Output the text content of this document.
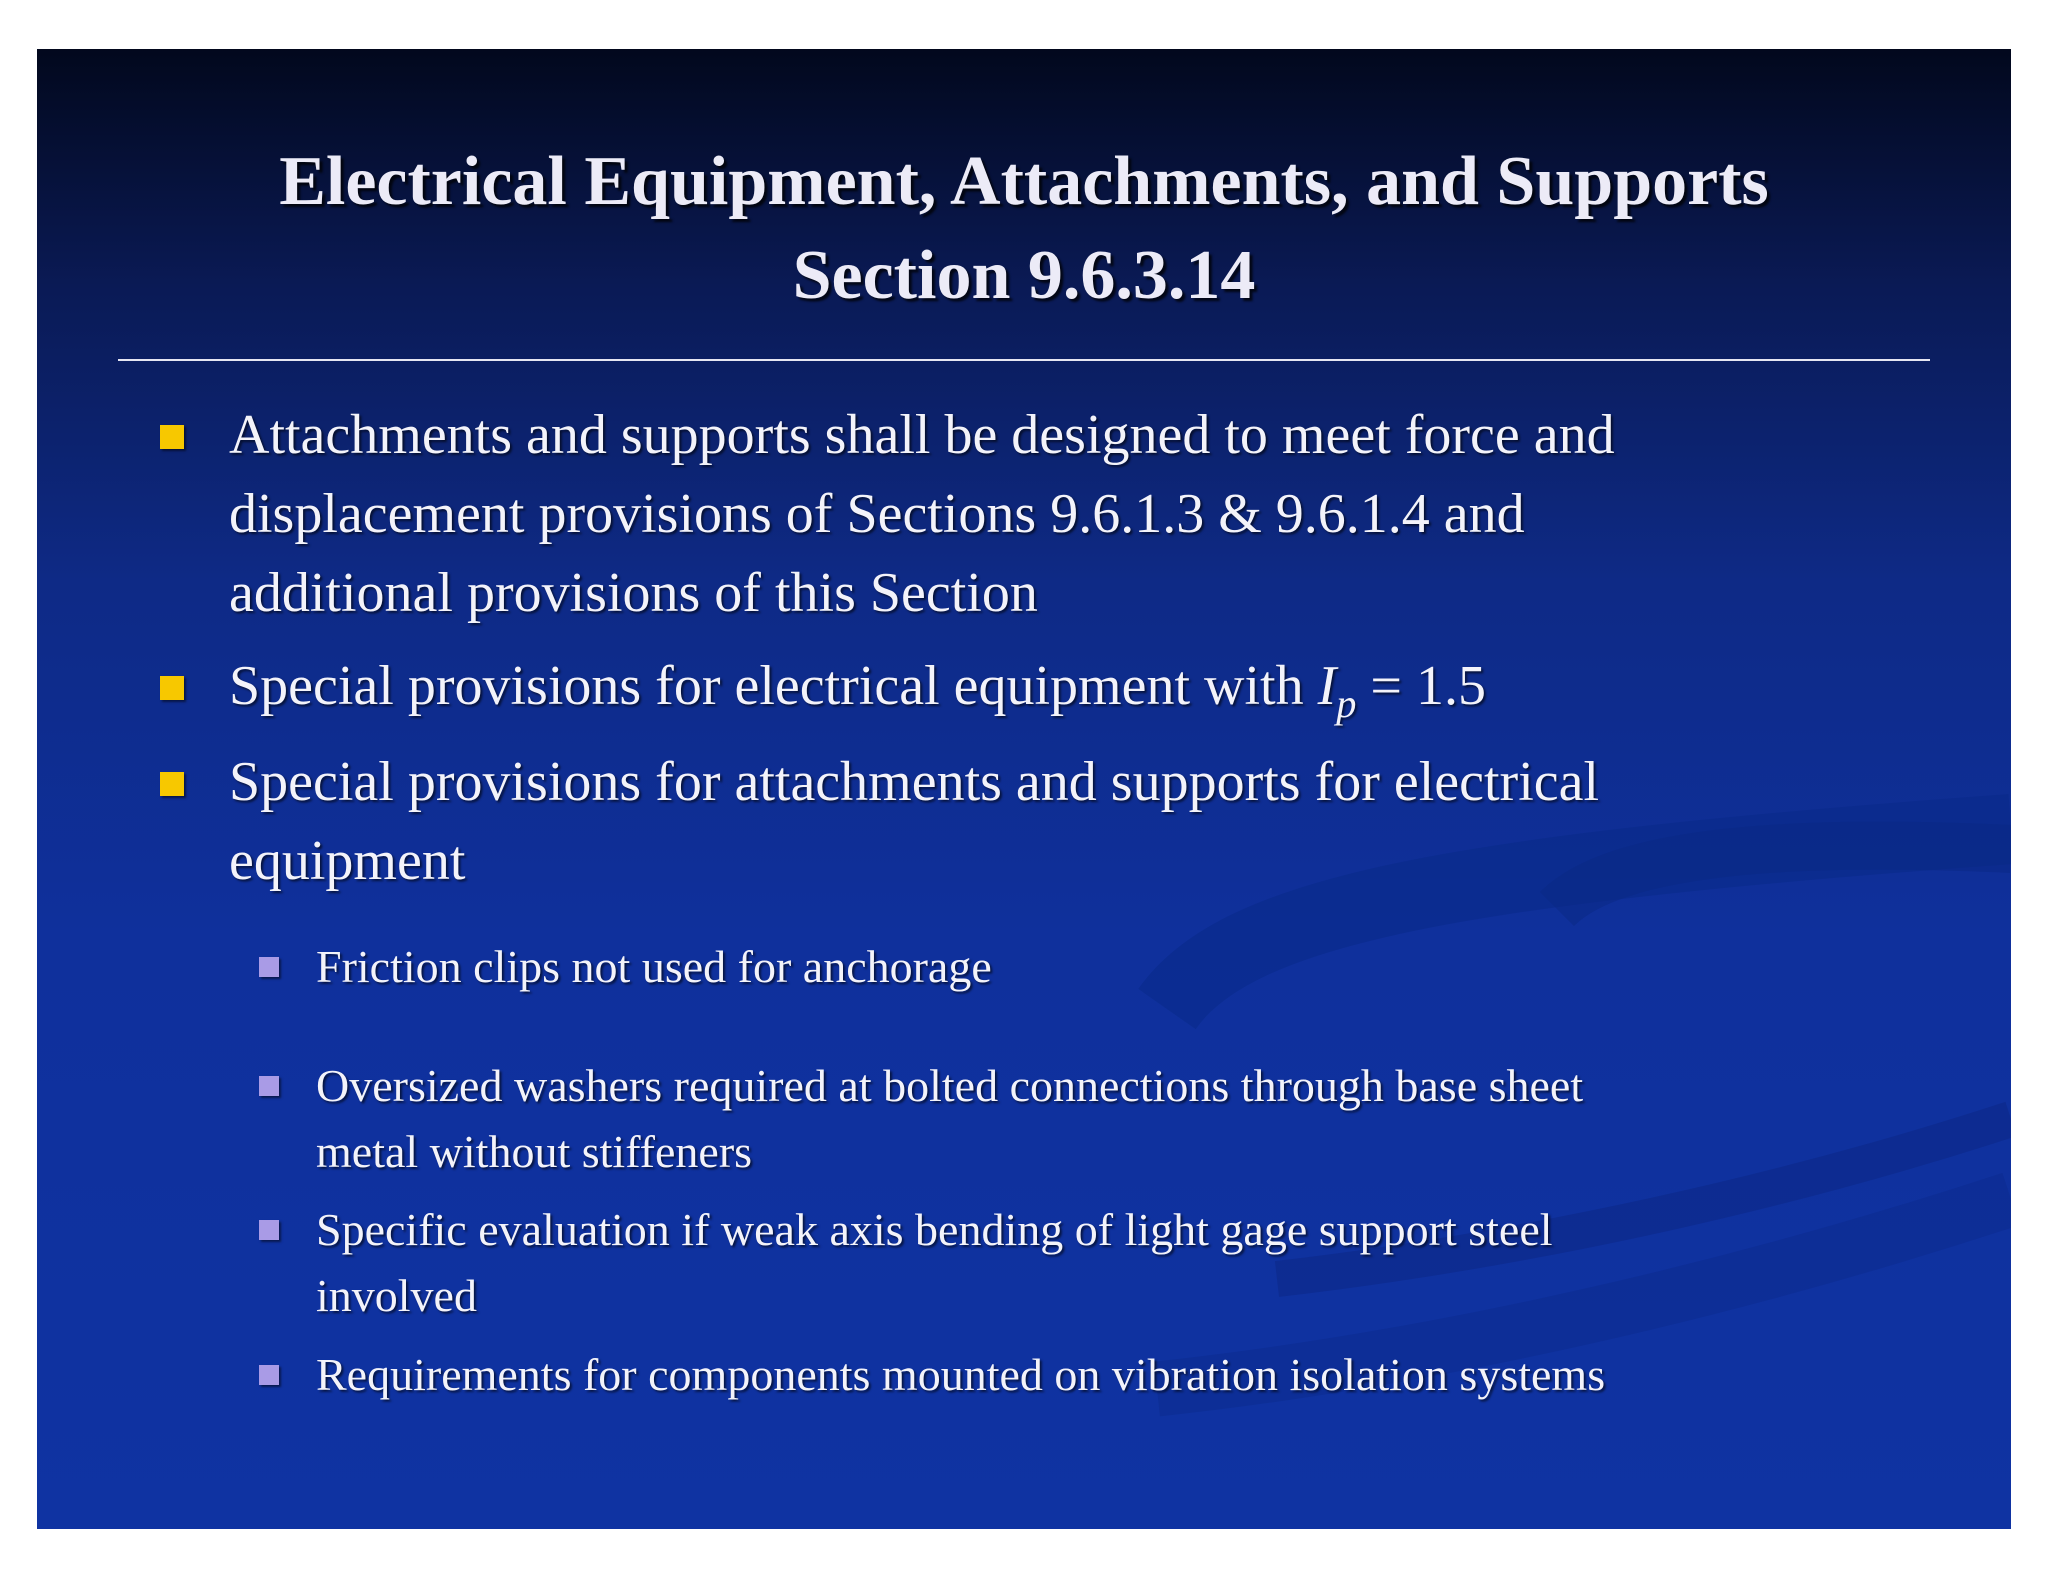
Electrical Equipment, Attachments, and Supports
Section 9.6.3.14
Attachments and supports shall be designed to meet force and
displacement provisions of Sections 9.6.1.3 & 9.6.1.4 and
additional provisions of this Section
Special provisions for electrical equipment with $I_p = 1.5$
Special provisions for attachments and supports for electrical
equipment
Friction clips not used for anchorage
Oversized washers required at bolted connections through base sheet
metal without stiffeners
Specific evaluation if weak axis bending of light gage support steel
involved
Requirements for components mounted on vibration isolation systems
